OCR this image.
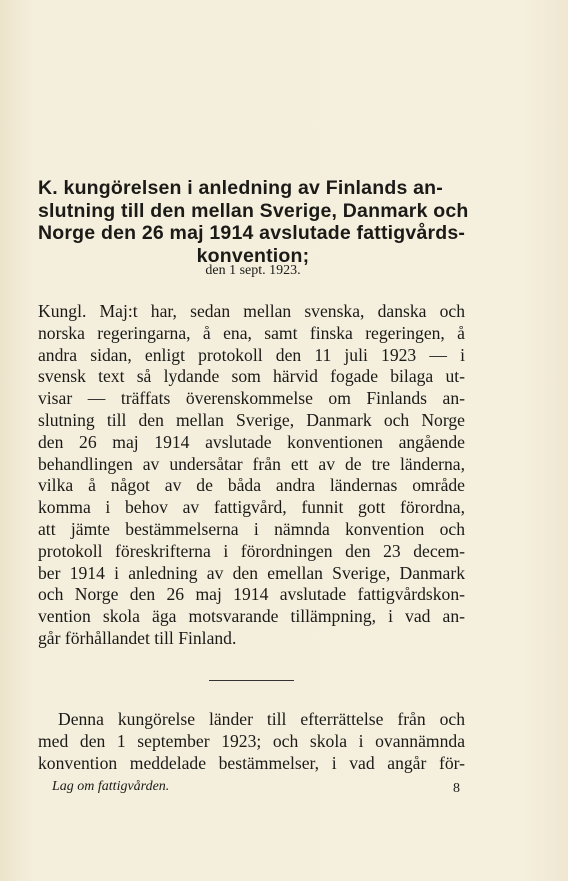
K. kungörelsen i anledning av Finlands an-
slutning till den mellan Sverige, Danmark och
Norge den 26 maj 1914 avslutade fattigvårds-
konvention;
den 1 sept. 1923.
Kungl. Maj:t har, sedan mellan svenska, danska och
norska regeringarna, å ena, samt finska regeringen, å
andra sidan, enligt protokoll den 11 juli 1923 — i
svensk text så lydande som härvid fogade bilaga ut-
visar — träffats överenskommelse om Finlands an-
slutning till den mellan Sverige, Danmark och Norge
den 26 maj 1914 avslutade konventionen angående
behandlingen av undersåtar från ett av de tre länderna,
vilka å något av de båda andra ländernas område
komma i behov av fattigvård, funnit gott förordna,
att jämte bestämmelserna i nämnda konvention och
protokoll föreskrifterna i förordningen den 23 decem-
ber 1914 i anledning av den emellan Sverige, Danmark
och Norge den 26 maj 1914 avslutade fattigvårdskon-
vention skola äga motsvarande tillämpning, i vad an-
går förhållandet till Finland.
Denna kungörelse länder till efterrättelse från och
med den 1 september 1923; och skola i ovannämnda
konvention meddelade bestämmelser, i vad angår för-
Lag om fattigvården.	8
